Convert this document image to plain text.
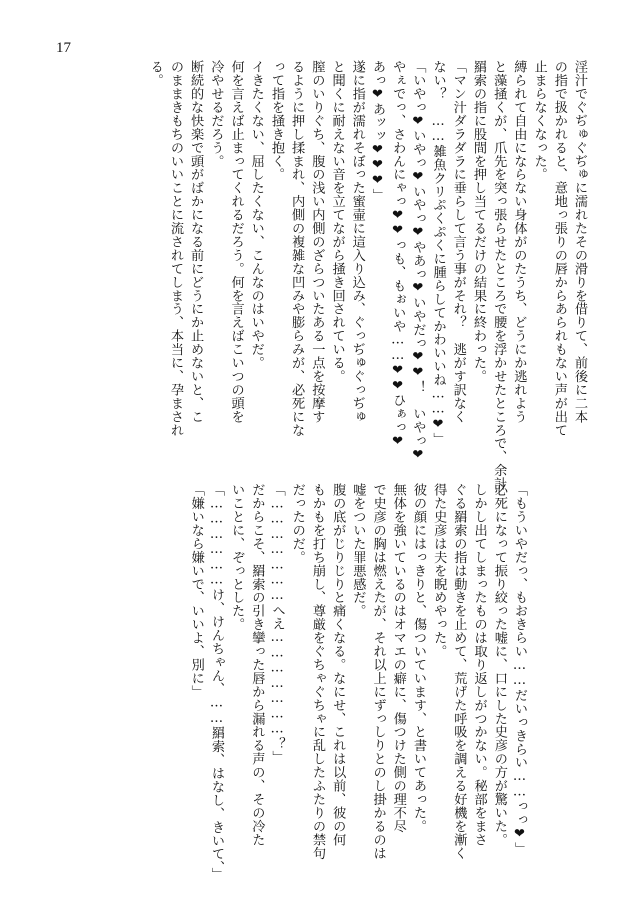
17

淫汁でぐぢゅぐぢゅに濡れたその滑りを借りて、前後に二本

の指で扱かれると、意地っ張りの唇からあられもない声が出て

止まらなくなった。

縛られて自由にならない身体がのたうち、どうにか逃れよう

と藻掻くが、爪先を突っ張らせたところで腰を浮かせたところで、余計

羂索の指に股間を押し当てるだけの結果に終わった。

「マン汁ダラダラに垂らして言う事がそれ？　逃がす訳なく

ない？　……雑魚クリぷくぷくに腫らしてかわいいね……❤」

「いやっ❤いやっ❤いやっ❤やあっ❤いやだっ❤❤！　いやっ❤

やぇでっ、さわんにゃっ❤❤っも、もぉいや……❤❤ひぁっ❤

あっ❤あッッ❤❤❤」

遂に指が濡れそぼった蜜壷に這入り込み、ぐっぢゅぐっぢゅ

と聞くに耐えない音を立てながら掻き回されている。

膣のいりぐち、腹の浅い内側のざらついたある一点を按摩す

るように押し揉まれ、内側の複雑な凹みや膨らみが、必死にな

って指を掻き抱く。

イきたくない、屈したくない、こんなのはいやだ。

何を言えば止まってくれるだろう。何を言えばこいつの頭を

冷やせるだろう。

断続的な快楽で頭がばかになる前にどうにか止めないと、こ

のままきもちのいいことに流されてしまう、本当に、孕まされ

る。

「もういやだっ、もおきらい……だいっきらい……っっ❤」

必死になって振り絞った嘘に、口にした史彦の方が驚いた。

しかし出てしまったものは取り返しがつかない。秘部をまさ

ぐる羂索の指は動きを止めて、荒げた呼吸を調える好機を漸く

得た史彦は夫を睨めやった。

彼の顔にはっきりと、傷ついています、と書いてあった。

無体を強いているのはオマエの癖に、傷つけた側の理不尽

で史彦の胸は燃えたが、それ以上にずっしりとのし掛かるのは

嘘をついた罪悪感だ。

腹の底がじりじりと痛くなる。なにせ、これは以前、彼の何

もかもを打ち崩し、尊厳をぐちゃぐちゃに乱したふたりの禁句

だったのだ。

「…………………へえ…………………？」

だからこそ、羂索の引き攣った唇から漏れる声の、その冷た

いことに、ぞっとした。

「………………け、けんちゃん、……羂索、はなし、きいて、」

「嫌いなら嫌いで、いいよ、別に」
